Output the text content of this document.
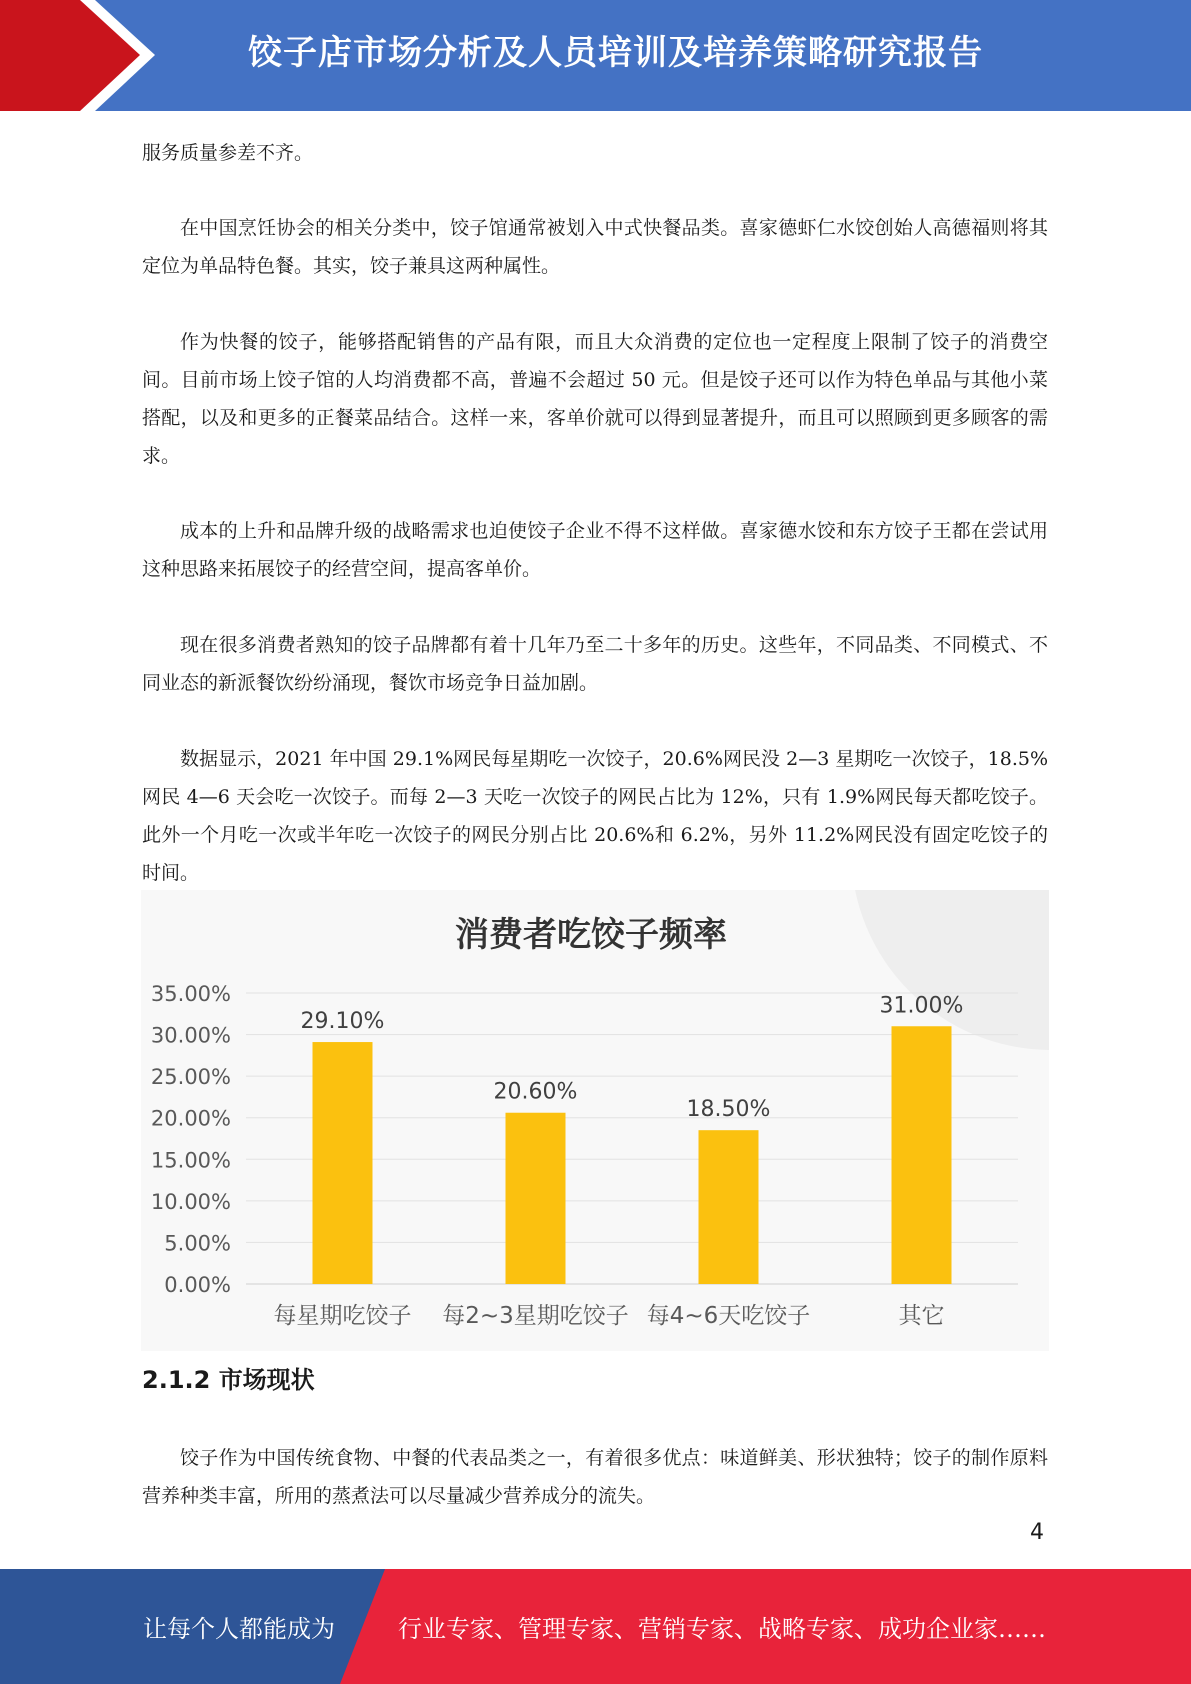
饺子店市场分析及人员培训及培养策略研究报告

服务质量参差不齐。

在中国烹饪协会的相关分类中，饺子馆通常被划入中式快餐品类。喜家德虾仁水饺创始人高德福则将其定位为单品特色餐。其实，饺子兼具这两种属性。

作为快餐的饺子，能够搭配销售的产品有限，而且大众消费的定位也一定程度上限制了饺子的消费空间。目前市场上饺子馆的人均消费都不高，普遍不会超过 50 元。但是饺子还可以作为特色单品与其他小菜搭配，以及和更多的正餐菜品结合。这样一来，客单价就可以得到显著提升，而且可以照顾到更多顾客的需求。

成本的上升和品牌升级的战略需求也迫使饺子企业不得不这样做。喜家德水饺和东方饺子王都在尝试用这种思路来拓展饺子的经营空间，提高客单价。

现在很多消费者熟知的饺子品牌都有着十几年乃至二十多年的历史。这些年，不同品类、不同模式、不同业态的新派餐饮纷纷涌现，餐饮市场竞争日益加剧。

数据显示，2021 年中国 29.1%网民每星期吃一次饺子，20.6%网民没 2—3 星期吃一次饺子，18.5%网民 4—6 天会吃一次饺子。而每 2—3 天吃一次饺子的网民占比为 12%，只有 1.9%网民每天都吃饺子。此外一个月吃一次或半年吃一次饺子的网民分别占比 20.6%和 6.2%，另外 11.2%网民没有固定吃饺子的时间。

消费者吃饺子频率
0.00%
5.00%
10.00%
15.00%
20.00%
25.00%
30.00%
35.00%
29.10%
每星期吃饺子
20.60%
每2~3星期吃饺子
18.50%
每4~6天吃饺子
31.00%
其它
2.1.2 市场现状

饺子作为中国传统食物、中餐的代表品类之一，有着很多优点：味道鲜美、形状独特；饺子的制作原料营养种类丰富，所用的蒸煮法可以尽量减少营养成分的流失。

4
让每个人都能成为	行业专家、管理专家、营销专家、战略专家、成功企业家……
